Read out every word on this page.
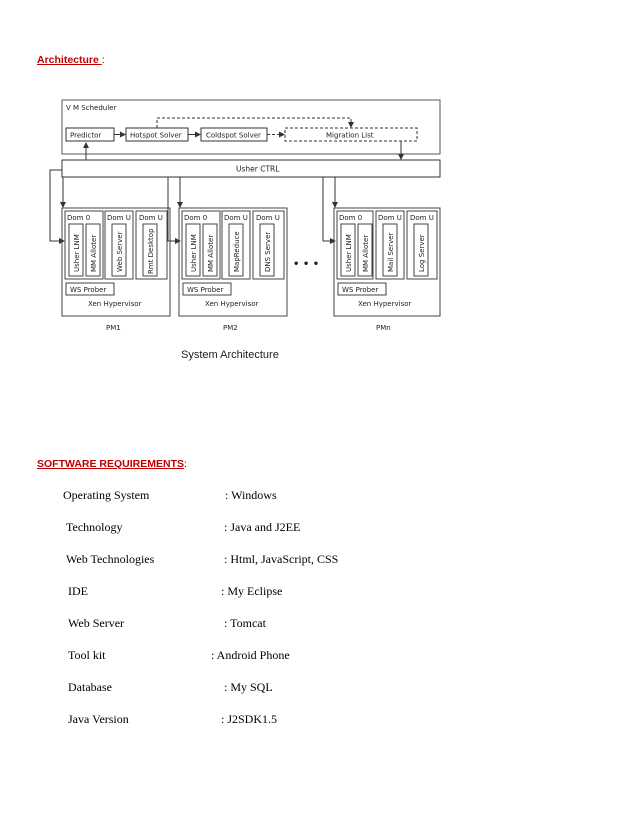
Architecture :
V M Scheduler
Predictor	Hotspot Solver	Coldspot Solver	Migration List
Usher CTRL
Dom 0
Usher LNM MM Alloter
Dom U
Web Server
Dom U
Rmt Desktop
WS Prober
Xen Hypervisor
PM1
Dom 0
Usher LNM MM Alloter
Dom U
MapReduce
Dom U
DNS Server
WS Prober
Xen Hypervisor
PM2
• • •
Dom 0
Usher LNM MM Alloter
Dom U
Mail Server
Dom U
Log Server
WS Prober
Xen Hypervisor
PMn
System Architecture
SOFTWARE REQUIREMENTS:
Operating System	: Windows
Technology	: Java and J2EE
Web Technologies	: Html, JavaScript, CSS
IDE	: My Eclipse
Web Server	: Tomcat
Tool kit	: Android Phone
Database	: My SQL
Java Version	: J2SDK1.5
